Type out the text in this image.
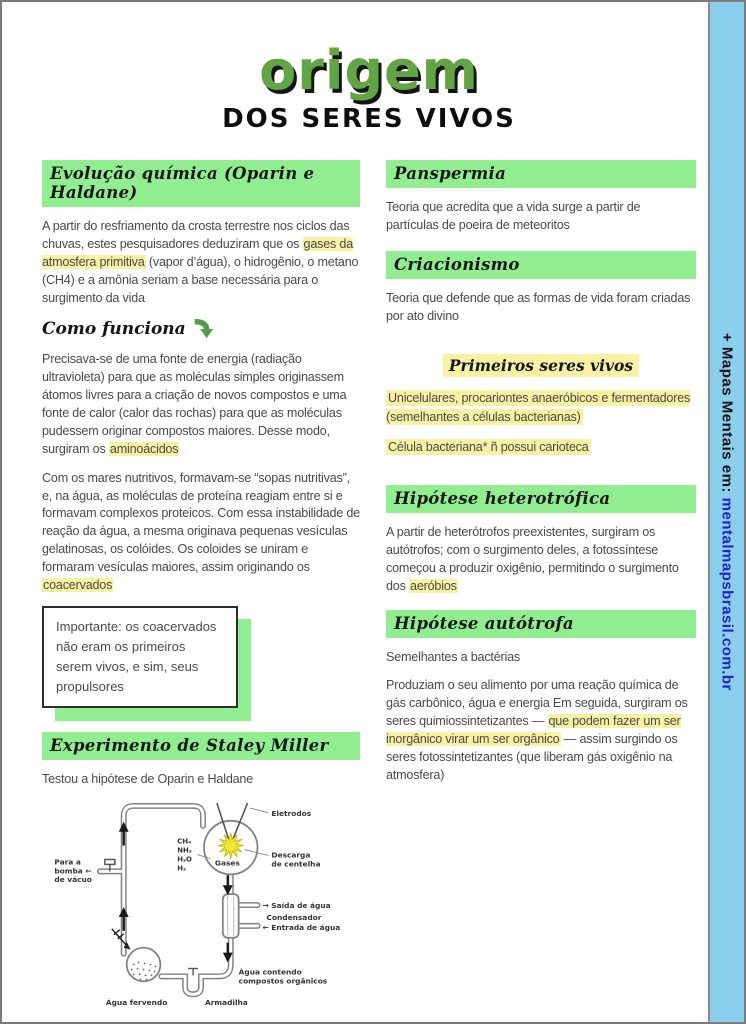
origem
DOS SERES VIVOS
Evolução química (Oparin e Haldane)

A partir do resfriamento da crosta terrestre nos ciclos das chuvas, estes pesquisadores deduziram que os gases da atmosfera primitiva (vapor d’água), o hidrogênio, o metano (CH4) e a amônia seriam a base necessária para o surgimento da vida

Como funciona

Precisava-se de uma fonte de energia (radiação ultravioleta) para que as moléculas simples originassem átomos livres para a criação de novos compostos e uma fonte de calor (calor das rochas) para que as moléculas pudessem originar compostos maiores. Desse modo, surgiram os aminoácidos

Com os mares nutritivos, formavam-se “sopas nutritivas”, e, na água, as moléculas de proteína reagiam entre si e formavam complexos proteicos. Com essa instabilidade de reação da água, a mesma originava pequenas vesículas gelatinosas, os colóides. Os coloides se uniram e formaram vesículas maiores, assim originando os coacervados

Importante: os coacervados não eram os primeiros serem vivos, e sim, seus propulsores
Experimento de Staley Miller

Testou a hipótese de Oparin e Haldane

Eletrodos
CH₄
NH₃
H₂O
H₂
Gases
Descarga
de centelha
Para a
bomba ←
de vácuo
→ Saída de água
Condensador
← Entrada de água
Água contendo
compostos orgânicos
Armadilha
Água fervendo
Panspermia

Teoria que acredita que a vida surge a partir de partículas de poeira de meteoritos

Criacionismo

Teoria que defende que as formas de vida foram criadas por ato divino

Primeiros seres vivos

Unicelulares, procariontes anaeróbicos e fermentadores (semelhantes a células bacterianas)

Célula bacteriana* ñ possui carioteca

Hipótese heterotrófica

A partir de heterótrofos preexistentes, surgiram os autótrofos; com o surgimento deles, a fotossíntese começou a produzir oxigênio, permitindo o surgimento dos aeróbios

Hipótese autótrofa

Semelhantes a bactérias

Produziam o seu alimento por uma reação química de gás carbônico, água e energia Em seguida, surgiram os seres quimiossintetizantes — que podem fazer um ser inorgânico virar um ser orgânico — assim surgindo os seres fotossintetizantes (que liberam gás oxigênio na atmosfera)

+ Mapas Mentais em: mentalmapsbrasil.com.br
